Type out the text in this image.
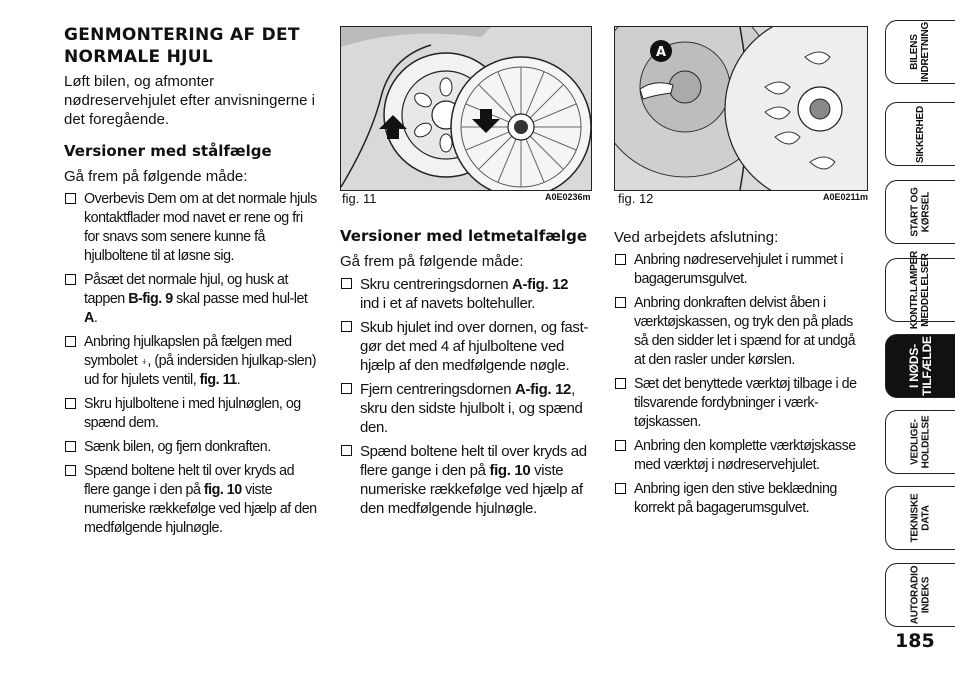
GENMONTERING AF DET
NORMALE HJUL

Løft bilen, og afmonter nødreservehjulet efter anvisningerne i det foregående.

Versioner med stålfælge

Gå frem på følgende måde:

Overbevis Dem om at det normale hjuls kontaktflader mod navet er rene og fri for snavs som senere kunne få hjulboltene til at løsne sig.
Påsæt det normale hjul, og husk at tappen B-fig. 9 skal passe med hul-let A.
Anbring hjulkapslen på fælgen med symbolet ⍖, (på indersiden hjulkap-slen) ud for hjulets ventil, fig. 11.
Skru hjulboltene i med hjulnøglen, og spænd dem.
Sænk bilen, og fjern donkraften.
Spænd boltene helt til over kryds ad flere gange i den på fig. 10 viste numeriske rækkefølge ved hjælp af den medfølgende hjulnøgle.
fig. 11	A0E0236m
Versioner med letmetalfælge

Gå frem på følgende måde:

Skru centreringsdornen A-fig. 12 ind i et af navets boltehuller.
Skub hjulet ind over dornen, og fast-gør det med 4 af hjulboltene ved hjælp af den medfølgende nøgle.
Fjern centreringsdornen A-fig. 12, skru den sidste hjulbolt i, og spænd den.
Spænd boltene helt til over kryds ad flere gange i den på fig. 10 viste numeriske rækkefølge ved hjælp af den medfølgende hjulnøgle.
A
fig. 12	A0E0211m

Ved arbejdets afslutning:

Anbring nødreservehjulet i rummet i bagagerumsgulvet.
Anbring donkraften delvist åben i værktøjskassen, og tryk den på plads så den sidder let i spænd for at undgå at den rasler under kørslen.
Sæt det benyttede værktøj tilbage i de tilsvarende fordybninger i værk-tøjskassen.
Anbring den komplette værktøjskasse med værktøj i nødreservehjulet.
Anbring igen den stive beklædning korrekt på bagagerumsgulvet.
BILENS
INDRETNING
SIKKERHED
START OG
KØRSEL
KONTR.LAMPER
MEDDELELSER
I NØDS-
TILFÆLDE
VEDLIGE-
HOLDELSE
TEKNISKE DATA
AUTORADIO
INDEKS
185
